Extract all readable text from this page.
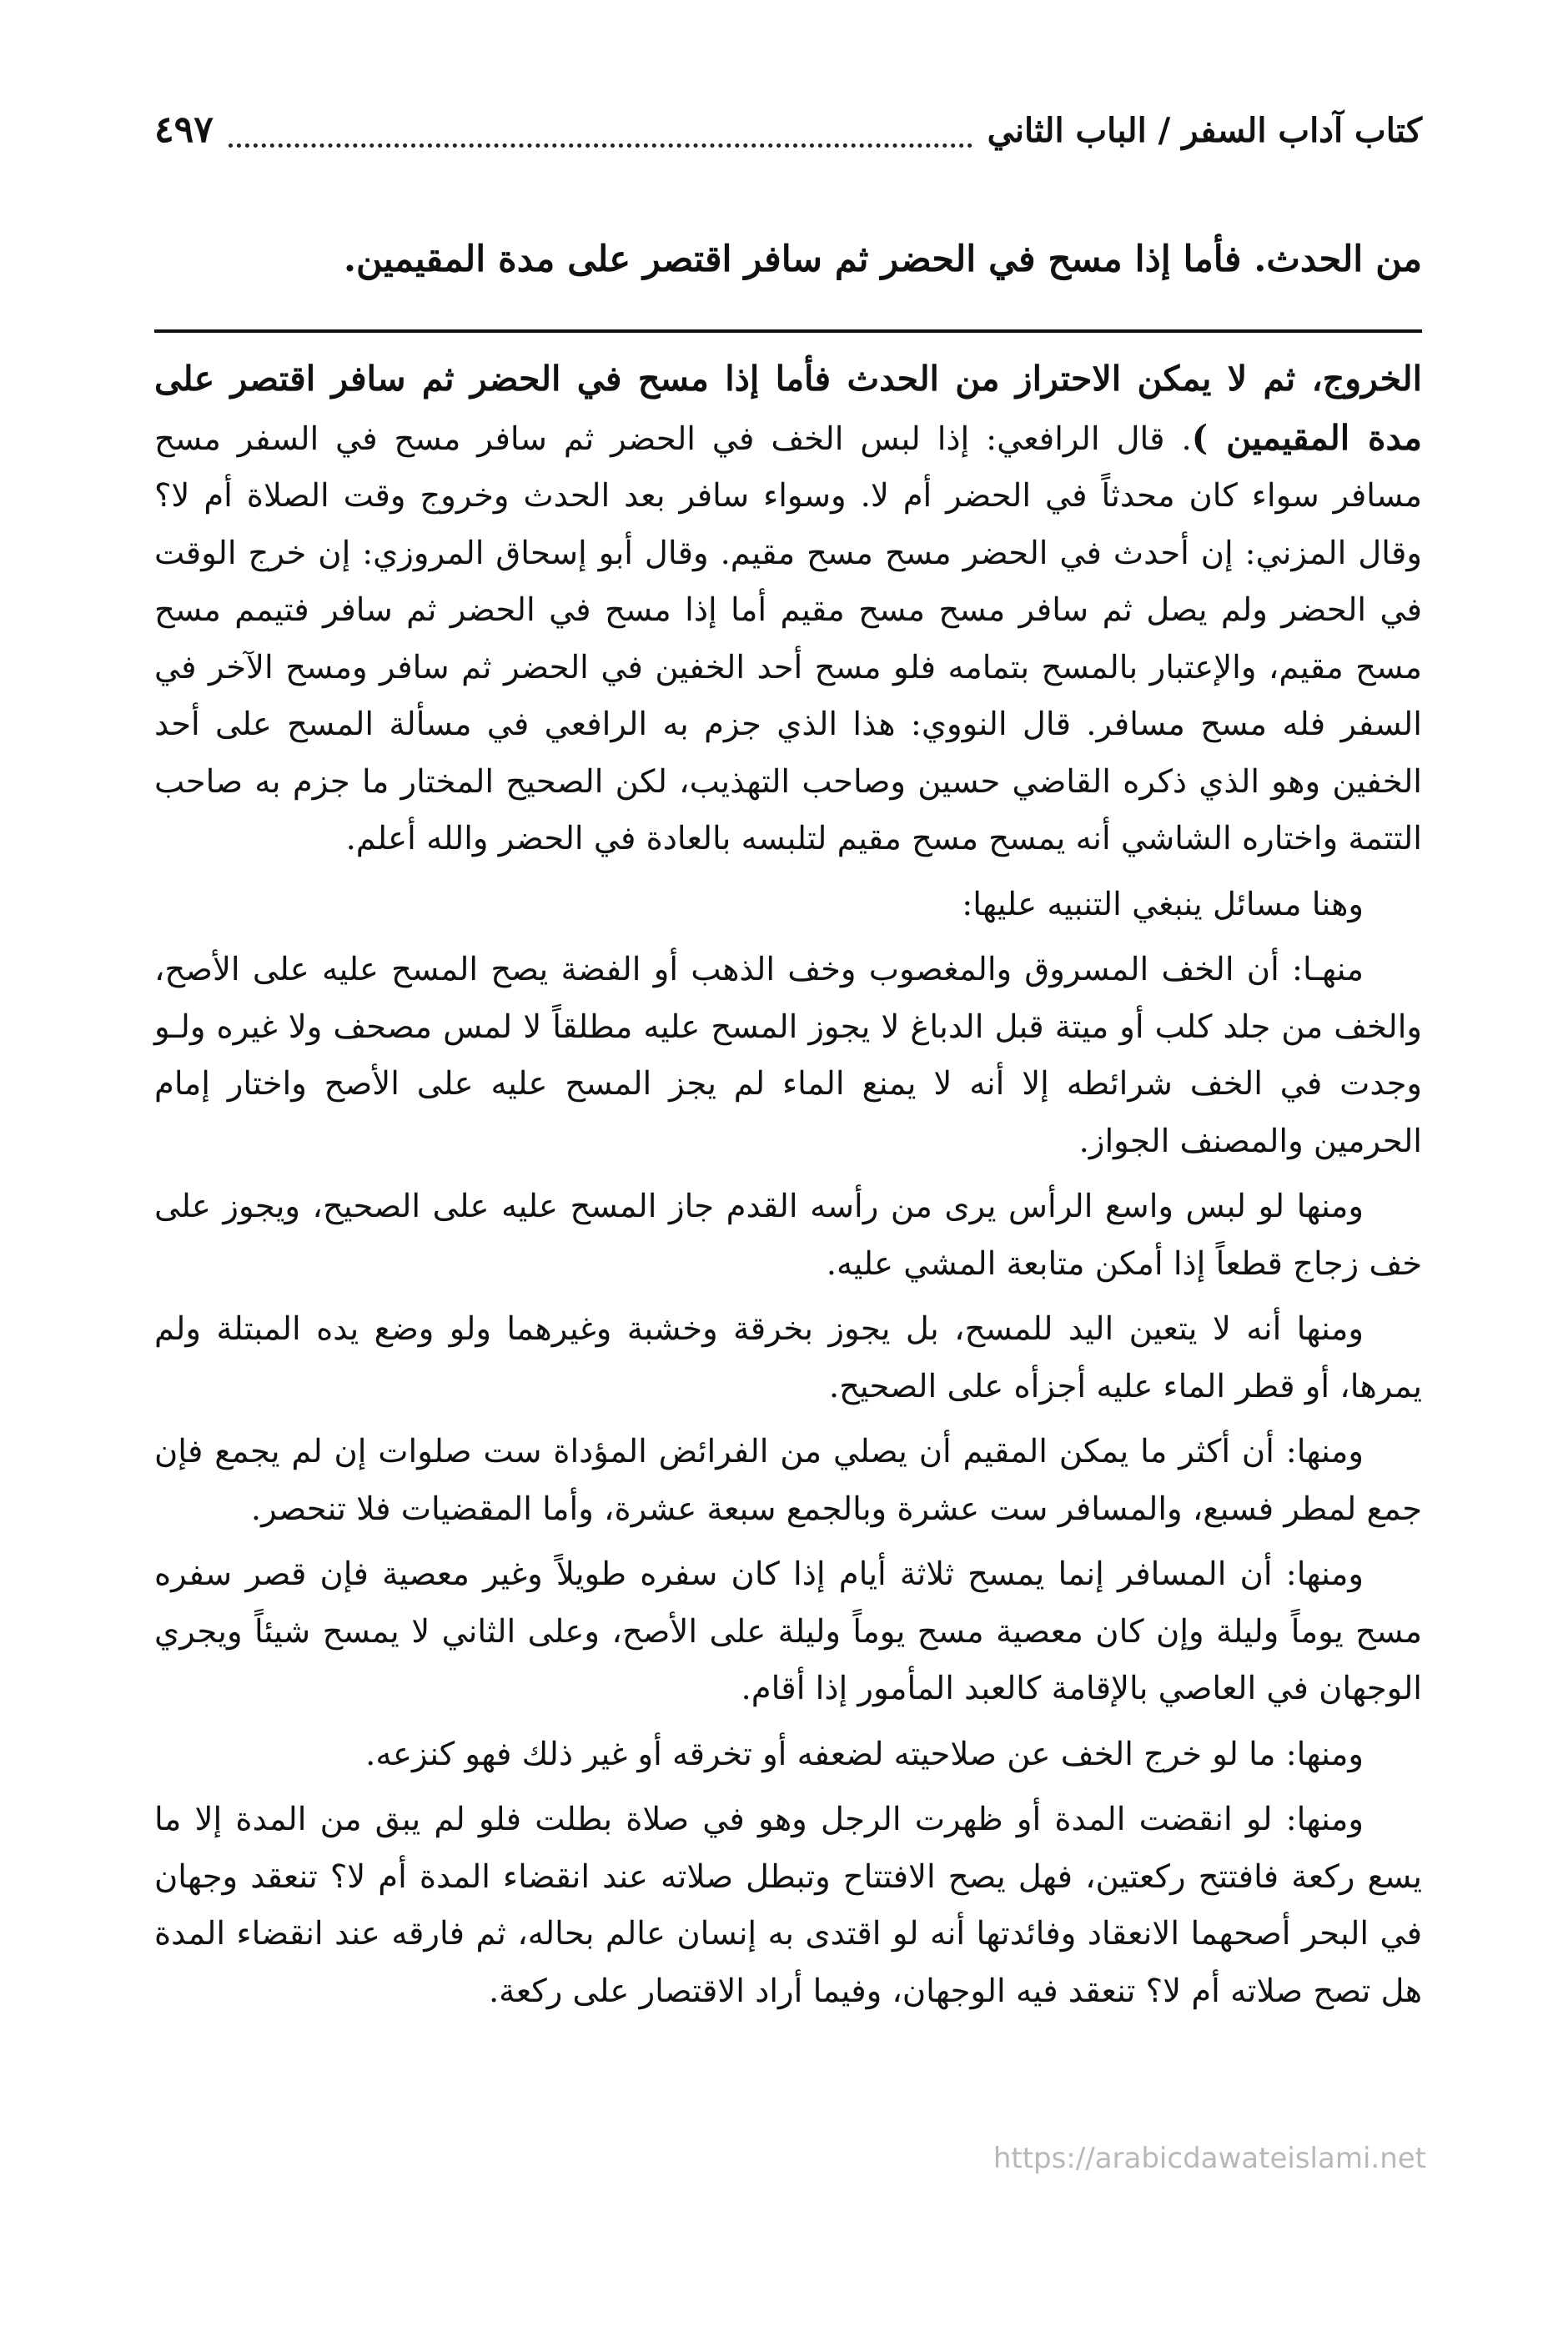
كتاب آداب السفر / الباب الثاني
٤٩٧
من الحدث. فأما إذا مسح في الحضر ثم سافر اقتصر على مدة المقيمين.

الخروج، ثم لا يمكن الاحتراز من الحدث فأما إذا مسح في الحضر ثم سافر اقتصر على مدة المقيمين ). قال الرافعي: إذا لبس الخف في الحضر ثم سافر مسح في السفر مسح مسافر سواء كان محدثاً في الحضر أم لا. وسواء سافر بعد الحدث وخروج وقت الصلاة أم لا؟ وقال المزني: إن أحدث في الحضر مسح مسح مقيم. وقال أبو إسحاق المروزي: إن خرج الوقت في الحضر ولم يصل ثم سافر مسح مسح مقيم أما إذا مسح في الحضر ثم سافر فتيمم مسح مسح مقيم، والإعتبار بالمسح بتمامه فلو مسح أحد الخفين في الحضر ثم سافر ومسح الآخر في السفر فله مسح مسافر. قال النووي: هذا الذي جزم به الرافعي في مسألة المسح على أحد الخفين وهو الذي ذكره القاضي حسين وصاحب التهذيب، لكن الصحيح المختار ما جزم به صاحب التتمة واختاره الشاشي أنه يمسح مسح مقيم لتلبسه بالعادة في الحضر والله أعلم.

وهنا مسائل ينبغي التنبيه عليها:

منهـا: أن الخف المسروق والمغصوب وخف الذهب أو الفضة يصح المسح عليه على الأصح، والخف من جلد كلب أو ميتة قبل الدباغ لا يجوز المسح عليه مطلقاً لا لمس مصحف ولا غيره ولـو وجدت في الخف شرائطه إلا أنه لا يمنع الماء لم يجز المسح عليه على الأصح واختار إمام الحرمين والمصنف الجواز.

ومنها لو لبس واسع الرأس يرى من رأسه القدم جاز المسح عليه على الصحيح، ويجوز على خف زجاج قطعاً إذا أمكن متابعة المشي عليه.

ومنها أنه لا يتعين اليد للمسح، بل يجوز بخرقة وخشبة وغيرهما ولو وضع يده المبتلة ولم يمرها، أو قطر الماء عليه أجزأه على الصحيح.

ومنها: أن أكثر ما يمكن المقيم أن يصلي من الفرائض المؤداة ست صلوات إن لم يجمع فإن جمع لمطر فسبع، والمسافر ست عشرة وبالجمع سبعة عشرة، وأما المقضيات فلا تنحصر.

ومنها: أن المسافر إنما يمسح ثلاثة أيام إذا كان سفره طويلاً وغير معصية فإن قصر سفره مسح يوماً وليلة وإن كان معصية مسح يوماً وليلة على الأصح، وعلى الثاني لا يمسح شيئاً ويجري الوجهان في العاصي بالإقامة كالعبد المأمور إذا أقام.

ومنها: ما لو خرج الخف عن صلاحيته لضعفه أو تخرقه أو غير ذلك فهو كنزعه.

ومنها: لو انقضت المدة أو ظهرت الرجل وهو في صلاة بطلت فلو لم يبق من المدة إلا ما يسع ركعة فافتتح ركعتين، فهل يصح الافتتاح وتبطل صلاته عند انقضاء المدة أم لا؟ تنعقد وجهان في البحر أصحهما الانعقاد وفائدتها أنه لو اقتدى به إنسان عالم بحاله، ثم فارقه عند انقضاء المدة هل تصح صلاته أم لا؟ تنعقد فيه الوجهان، وفيما أراد الاقتصار على ركعة.

https://arabicdawateislami.net
